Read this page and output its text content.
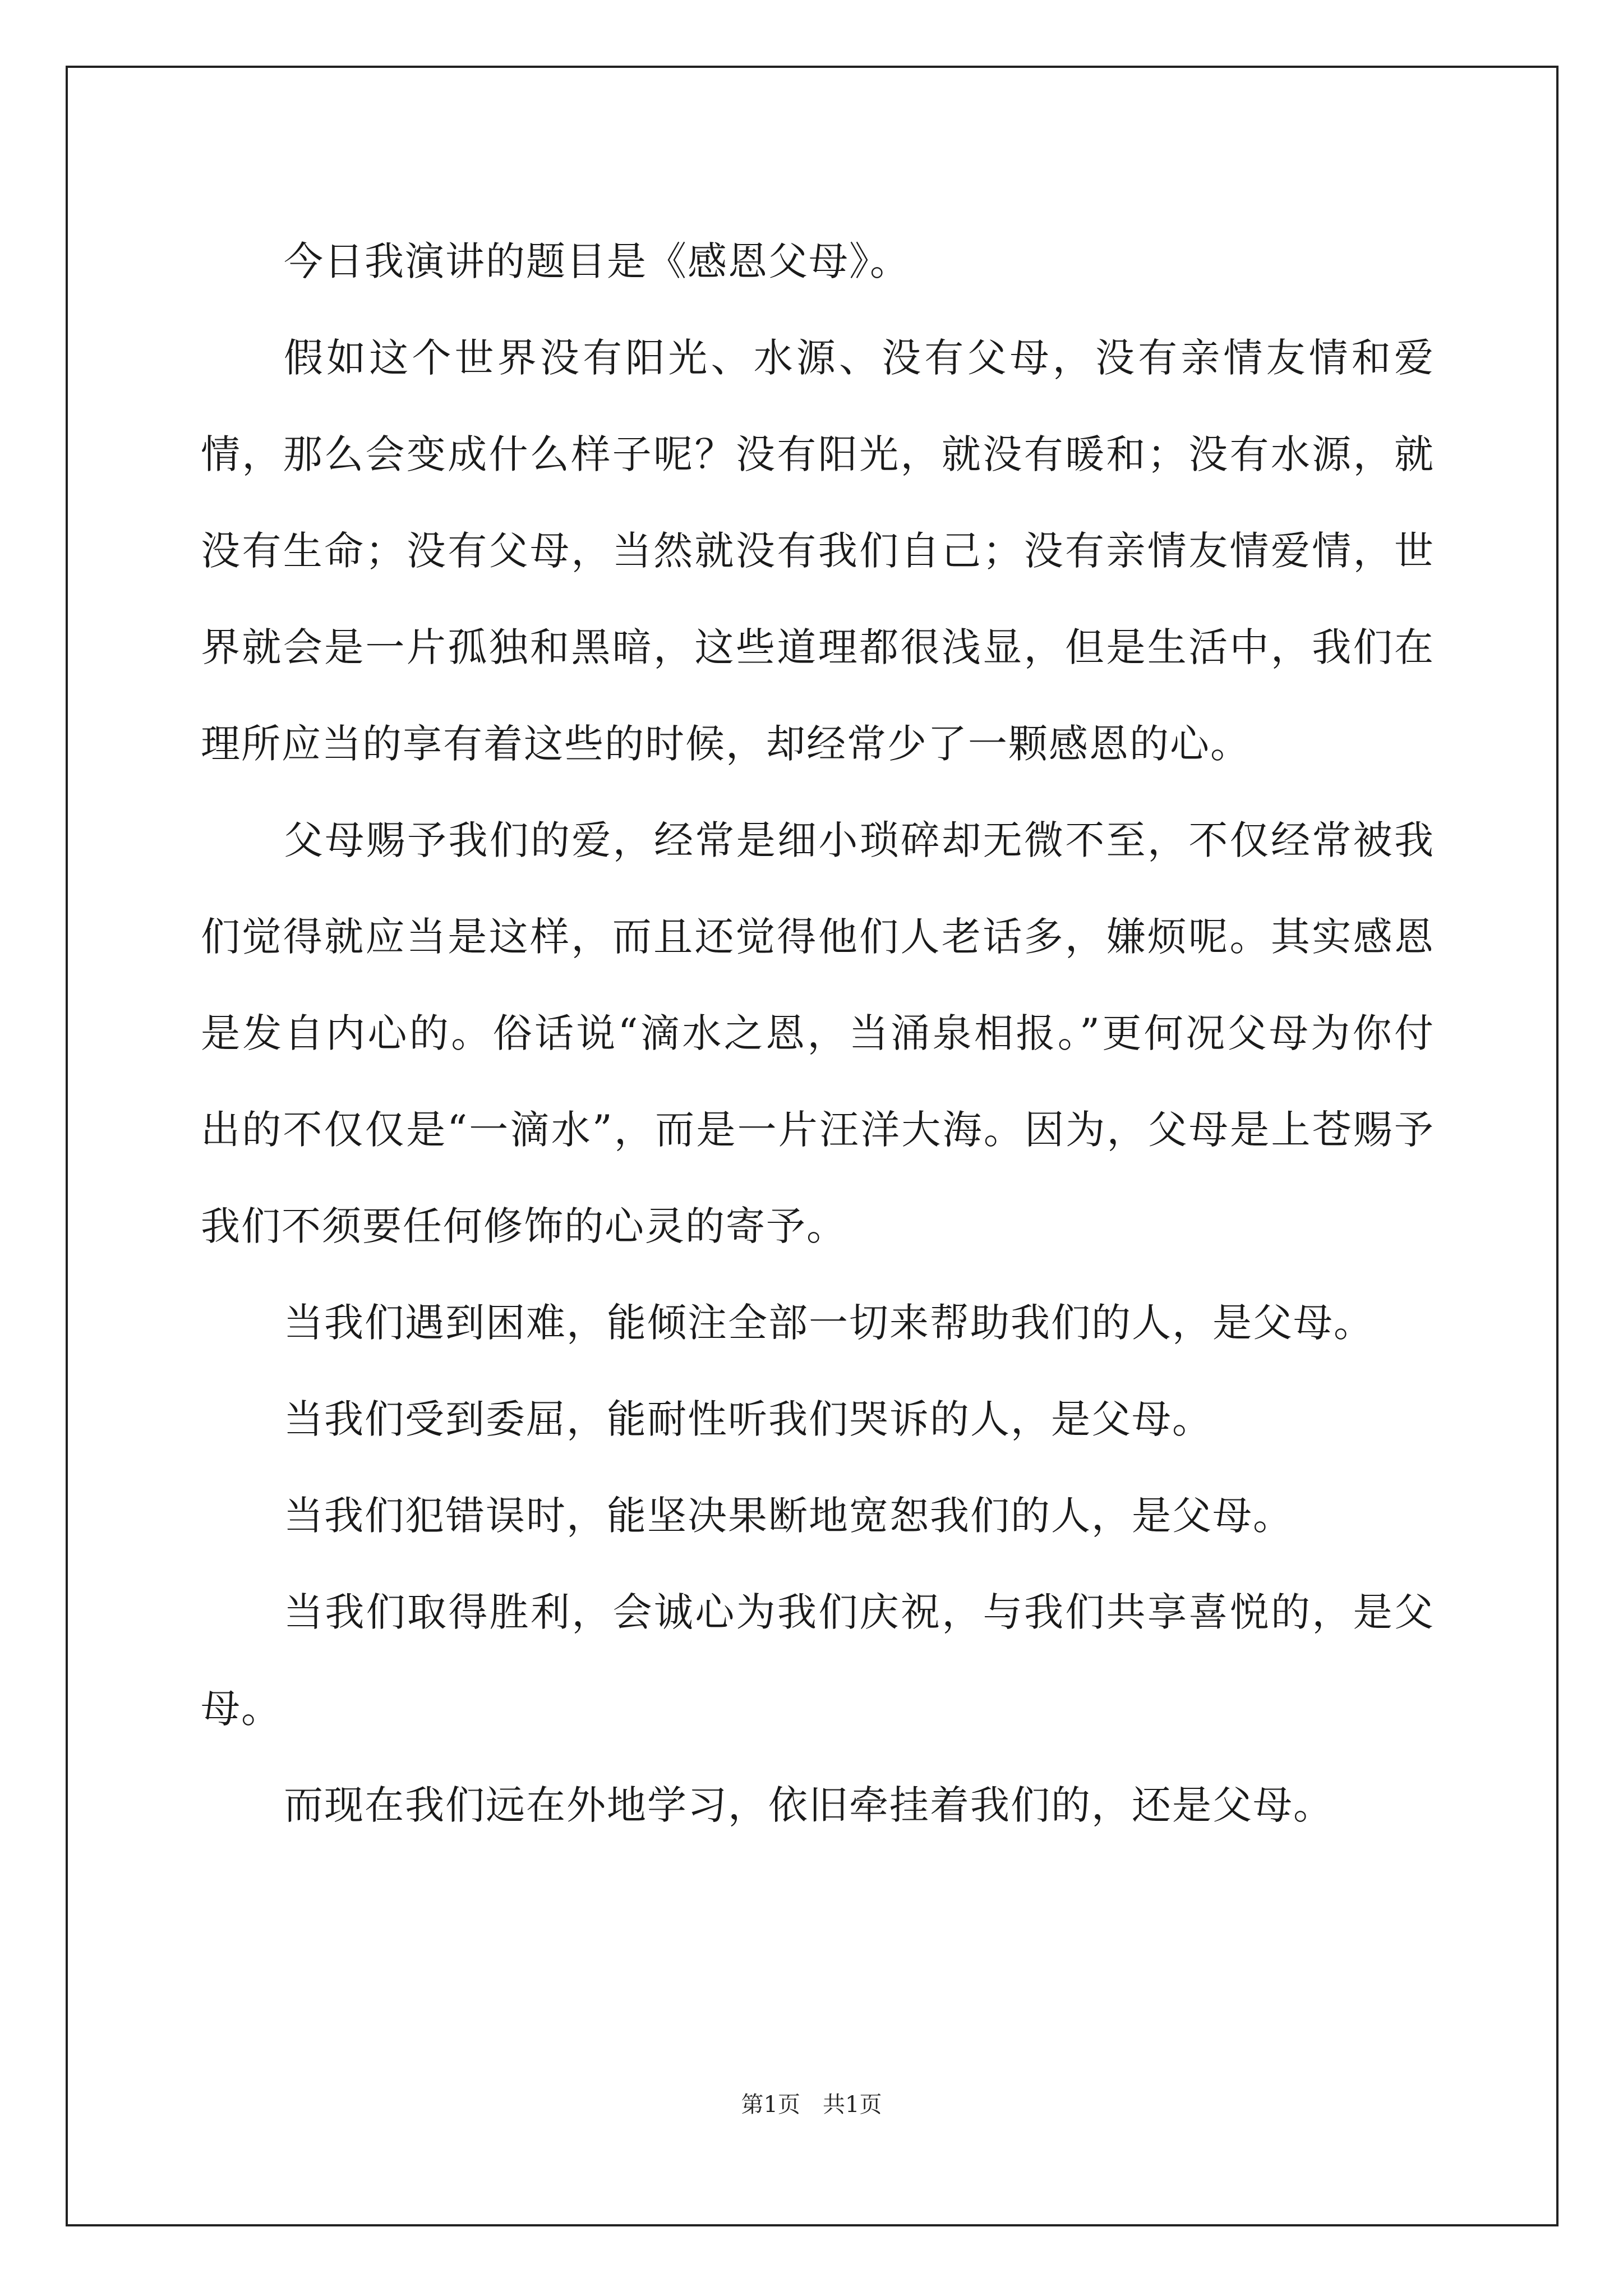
今日我演讲的题目是《感恩父母》。

假如这个世界没有阳光、水源、没有父母，没有亲情友情和爱情，那么会变成什么样子呢？没有阳光，就没有暖和；没有水源，就没有生命；没有父母，当然就没有我们自己；没有亲情友情爱情，世界就会是一片孤独和黑暗，这些道理都很浅显，但是生活中，我们在理所应当的享有着这些的时候，却经常少了一颗感恩的心。

父母赐予我们的爱，经常是细小琐碎却无微不至，不仅经常被我们觉得就应当是这样，而且还觉得他们人老话多，嫌烦呢。其实感恩是发自内心的。俗话说“滴水之恩，当涌泉相报。”更何况父母为你付出的不仅仅是“一滴水”，而是一片汪洋大海。因为，父母是上苍赐予我们不须要任何修饰的心灵的寄予。

当我们遇到困难，能倾注全部一切来帮助我们的人，是父母。

当我们受到委屈，能耐性听我们哭诉的人，是父母。

当我们犯错误时，能坚决果断地宽恕我们的人，是父母。

当我们取得胜利，会诚心为我们庆祝，与我们共享喜悦的，是父母。

而现在我们远在外地学习，依旧牵挂着我们的，还是父母。

第1页　共1页
